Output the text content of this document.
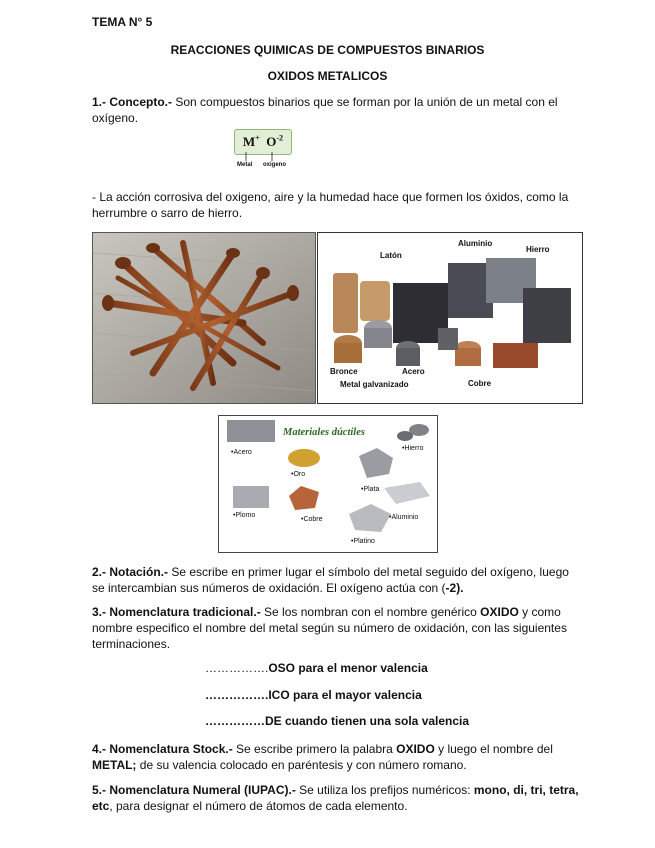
TEMA N° 5
REACCIONES QUIMICAS DE COMPUESTOS BINARIOS
OXIDOS METALICOS

1.- Concepto.- Son compuestos binarios que se forman por la unión de un metal con el oxígeno.

M+ $O^{-2}$
Metal oxigeno

- La acción corrosiva del oxigeno, aire y la humedad hace que formen los óxidos, como la herrumbre o sarro de hierro.

Latón
Aluminio
Hierro
Bronce	Acero
Metal galvanizado	Cobre
Materiales dúctiles
•Acero
•Hierro
•Oro
•Plata
•Plomo
•Cobre	•Aluminio
•Platino

2.- Notación.- Se escribe en primer lugar el símbolo del metal seguido del oxígeno, luego se intercambian sus números de oxidación. El oxígeno actúa con (-2).

3.- Nomenclatura tradicional.- Se los nombran con el nombre genérico OXIDO y como nombre especifico el nombre del metal según su número de oxidación, con las siguientes terminaciones.

…………….OSO para el menor valencia
…………….ICO para el mayor valencia
……………DE cuando tienen una sola valencia

4.- Nomenclatura Stock.- Se escribe primero la palabra OXIDO y luego el nombre del METAL; de su valencia colocado en paréntesis y con número romano.

5.- Nomenclatura Numeral (IUPAC).- Se utiliza los prefijos numéricos: mono, di, tri, tetra, etc, para designar el número de átomos de cada elemento.
